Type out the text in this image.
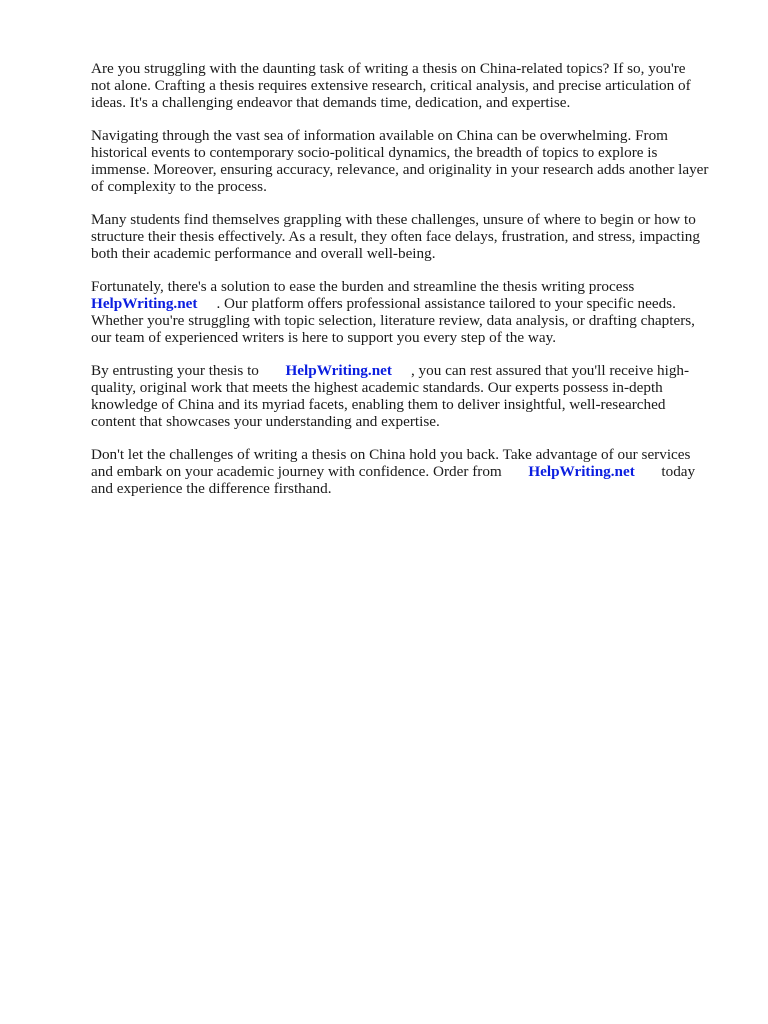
Are you struggling with the daunting task of writing a thesis on China-related topics? If so, you're
not alone. Crafting a thesis requires extensive research, critical analysis, and precise articulation of
ideas. It's a challenging endeavor that demands time, dedication, and expertise.

Navigating through the vast sea of information available on China can be overwhelming. From
historical events to contemporary socio-political dynamics, the breadth of topics to explore is
immense. Moreover, ensuring accuracy, relevance, and originality in your research adds another layer
of complexity to the process.

Many students find themselves grappling with these challenges, unsure of where to begin or how to
structure their thesis effectively. As a result, they often face delays, frustration, and stress, impacting
both their academic performance and overall well-being.

Fortunately, there's a solution to ease the burden and streamline the thesis writing process
HelpWriting.net . Our platform offers professional assistance tailored to your specific needs.
Whether you're struggling with topic selection, literature review, data analysis, or drafting chapters,
our team of experienced writers is here to support you every step of the way.

By entrusting your thesis to HelpWriting.net , you can rest assured that you'll receive high-
quality, original work that meets the highest academic standards. Our experts possess in-depth
knowledge of China and its myriad facets, enabling them to deliver insightful, well-researched
content that showcases your understanding and expertise.

Don't let the challenges of writing a thesis on China hold you back. Take advantage of our services
and embark on your academic journey with confidence. Order from HelpWriting.net today
and experience the difference firsthand.
